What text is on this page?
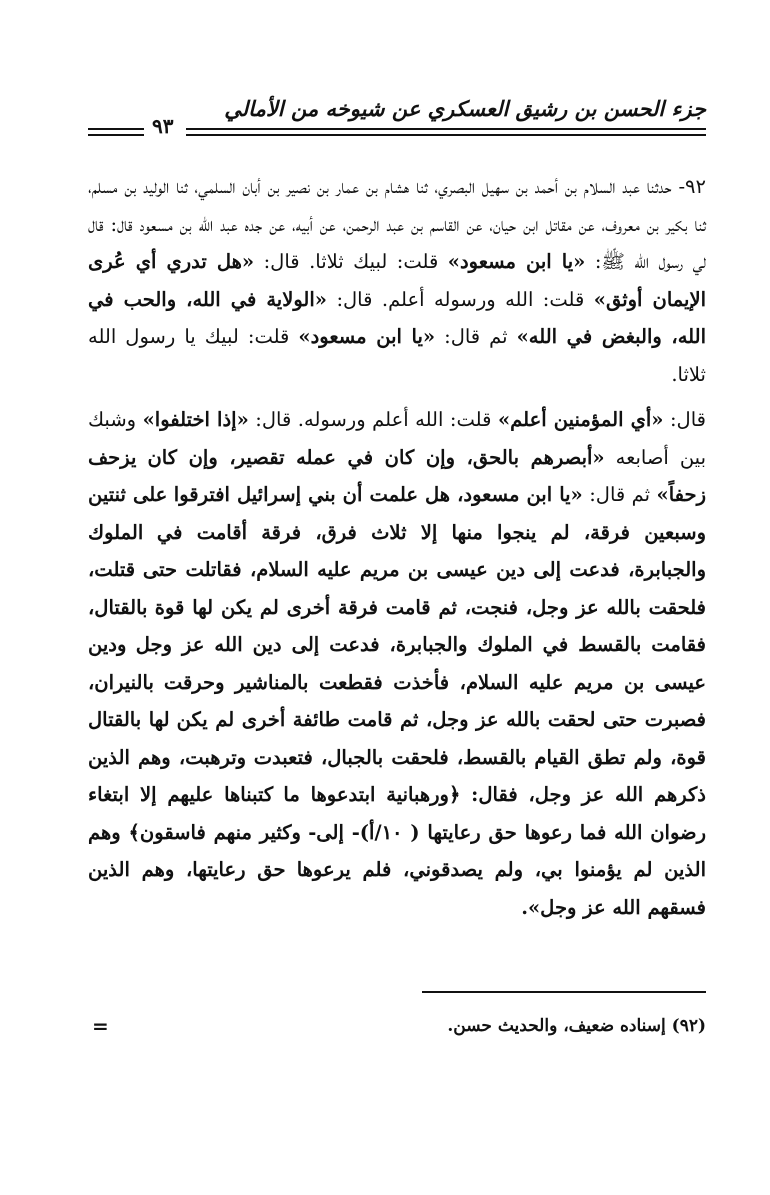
جزء الحسن بن رشيق العسكري عن شيوخه من الأمالي
٩٣

٩٢- حدثنا عبد السلام بن أحمد بن سهيل البصري، ثنا هشام بن عمار بن نصير بن أبان السلمي، ثنا الوليد بن مسلم، ثنا بكير بن معروف، عن مقاتل ابن حيان، عن القاسم بن عبد الرحمن، عن أبيه، عن جده عبد الله بن مسعود قال: قال لي رسول الله ﷺ: «يا ابن مسعود» قلت: لبيك ثلاثا. قال: «هل تدري أي عُرى الإيمان أوثق» قلت: الله ورسوله أعلم. قال: «الولاية في الله، والحب في الله، والبغض في الله» ثم قال: «يا ابن مسعود» قلت: لبيك يا رسول الله ثلاثا.

قال: «أي المؤمنين أعلم» قلت: الله أعلم ورسوله. قال: «إذا اختلفوا» وشبك بين أصابعه «أبصرهم بالحق، وإن كان في عمله تقصير، وإن كان يزحف زحفاً» ثم قال: «يا ابن مسعود، هل علمت أن بني إسرائيل افترقوا على ثنتين وسبعين فرقة، لم ينجوا منها إلا ثلاث فرق، فرقة أقامت في الملوك والجبابرة، فدعت إلى دين عيسى بن مريم عليه السلام، فقاتلت حتى قتلت، فلحقت بالله عز وجل، فنجت، ثم قامت فرقة أخرى لم يكن لها قوة بالقتال، فقامت بالقسط في الملوك والجبابرة، فدعت إلى دين الله عز وجل ودين عيسى بن مريم عليه السلام، فأخذت فقطعت بالمناشير وحرقت بالنيران، فصبرت حتى لحقت بالله عز وجل، ثم قامت طائفة أخرى لم يكن لها بالقتال قوة، ولم تطق القيام بالقسط، فلحقت بالجبال، فتعبدت وترهبت، وهم الذين ذكرهم الله عز وجل، فقال: ﴿ورهبانية ابتدعوها ما كتبناها عليهم إلا ابتغاء رضوان الله فما رعوها حق رعايتها ( ١٠/أ)- إلى- وكثير منهم فاسقون﴾ وهم الذين لم يؤمنوا بي، ولم يصدقوني، فلم يرعوها حق رعايتها، وهم الذين فسقهم الله عز وجل».

(٩٢) إسناده ضعيف، والحديث حسن.
=
